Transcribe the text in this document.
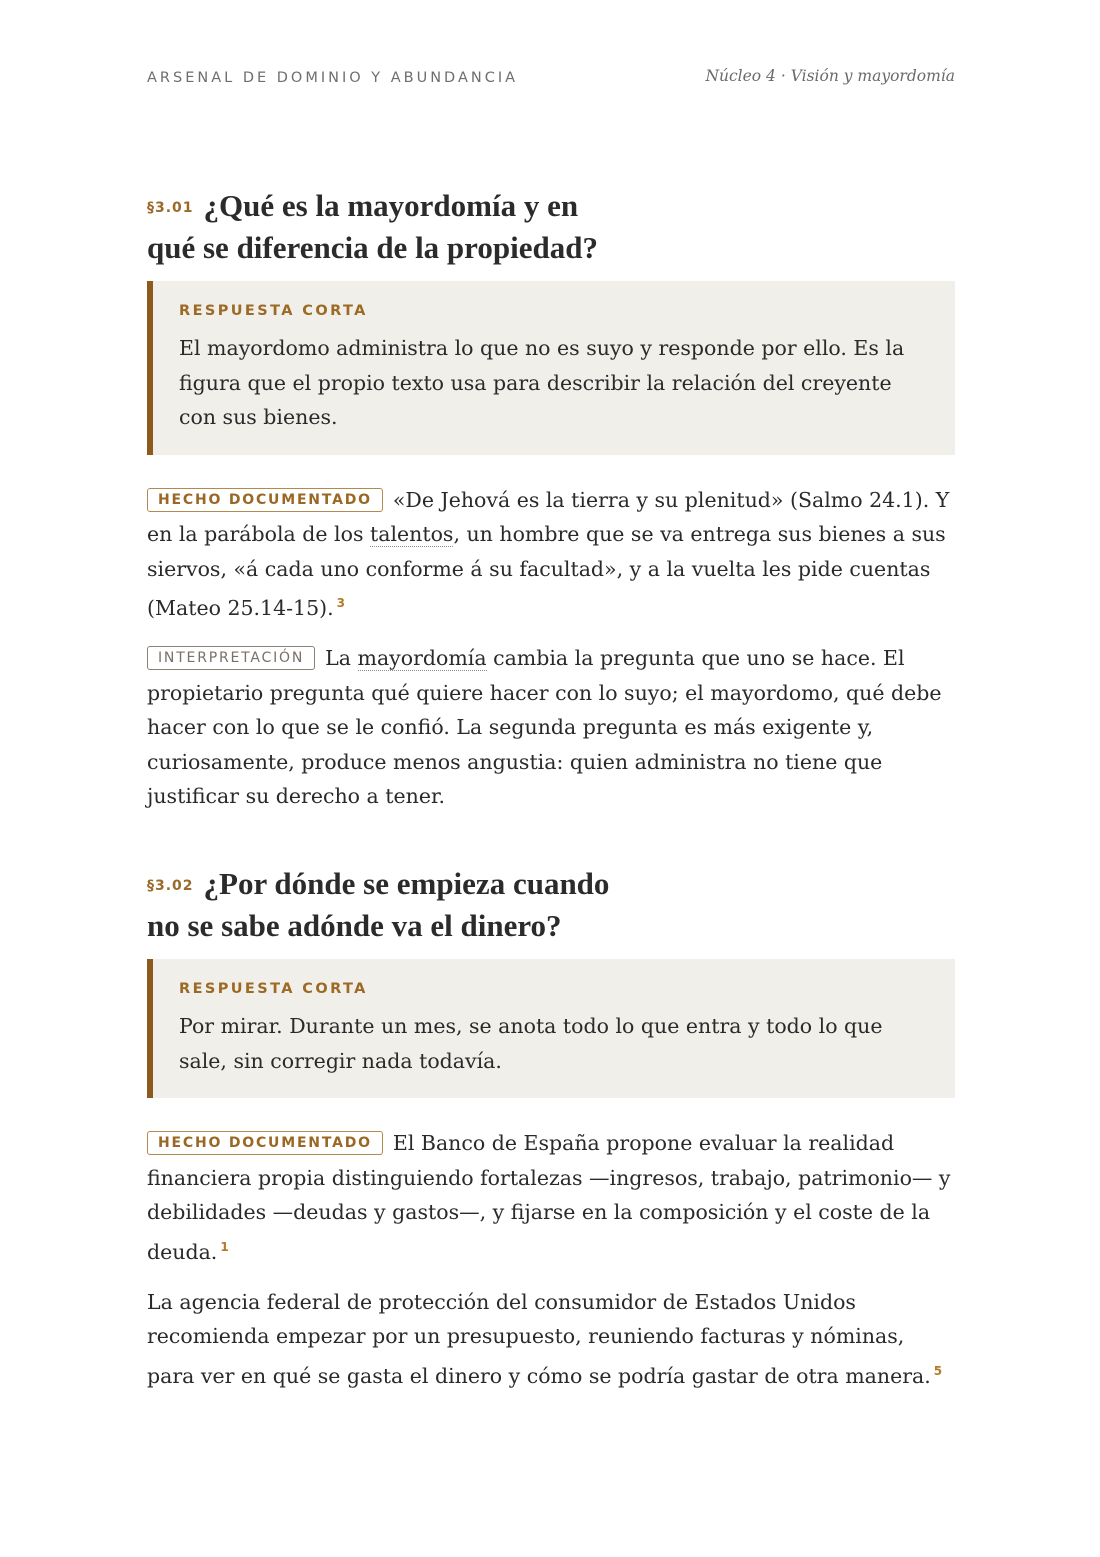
ARSENAL DE DOMINIO Y ABUNDANCIA	Núcleo 4 · Visión y mayordomía
§3.01 ¿Qué es la mayordomía y en
qué se diferencia de la propiedad?

RESPUESTA CORTA

El mayordomo administra lo que no es suyo y responde por ello. Es la figura que el propio texto usa para describir la relación del creyente con sus bienes.

HECHO DOCUMENTADO «De Jehová es la tierra y su plenitud» (Salmo 24.1). Y en la parábola de los talentos, un hombre que se va entrega sus bienes a sus siervos, «á cada uno conforme á su facultad», y a la vuelta les pide cuentas (Mateo 25.14-15). $^3$

INTERPRETACIÓN La mayordomía cambia la pregunta que uno se hace. El propietario pregunta qué quiere hacer con lo suyo; el mayordomo, qué debe hacer con lo que se le confió. La segunda pregunta es más exigente y, curiosamente, produce menos angustia: quien administra no tiene que justificar su derecho a tener.

§3.02 ¿Por dónde se empieza cuando
no se sabe adónde va el dinero?

RESPUESTA CORTA

Por mirar. Durante un mes, se anota todo lo que entra y todo lo que sale, sin corregir nada todavía.

HECHO DOCUMENTADO El Banco de España propone evaluar la realidad financiera propia distinguiendo fortalezas —ingresos, trabajo, patrimonio— y debilidades —deudas y gastos—, y fijarse en la composición y el coste de la deuda. $^1$

La agencia federal de protección del consumidor de Estados Unidos recomienda empezar por un presupuesto, reuniendo facturas y nóminas, para ver en qué se gasta el dinero y cómo se podría gastar de otra manera. $^5$
